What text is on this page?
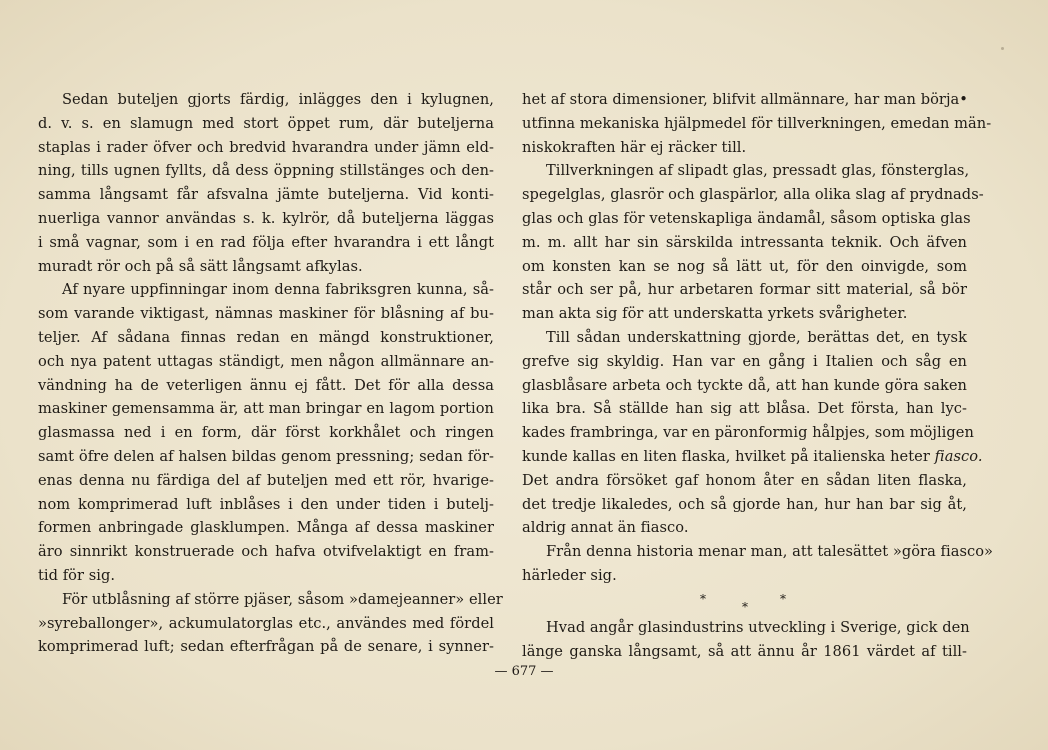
Sedan buteljen gjorts färdig, inlägges den i kylugnen,
d. v. s. en slamugn med stort öppet rum, där buteljerna
staplas i rader öfver och bredvid hvarandra under jämn eld-
ning, tills ugnen fyllts, då dess öppning stillstänges och den-
samma långsamt får afsvalna jämte buteljerna. Vid konti-
nuerliga vannor användas s. k. kylrör, då buteljerna läggas
i små vagnar, som i en rad följa efter hvarandra i ett långt
muradt rör och på så sätt långsamt afkylas.
Af nyare uppfinningar inom denna fabriksgren kunna, så-
som varande viktigast, nämnas maskiner för blåsning af bu-
teljer. Af sådana finnas redan en mängd konstruktioner,
och nya patent uttagas ständigt, men någon allmännare an-
vändning ha de veterligen ännu ej fått. Det för alla dessa
maskiner gemensamma är, att man bringar en lagom portion
glasmassa ned i en form, där först korkhålet och ringen
samt öfre delen af halsen bildas genom pressning; sedan för-
enas denna nu färdiga del af buteljen med ett rör, hvarige-
nom komprimerad luft inblåses i den under tiden i butelj-
formen anbringade glasklumpen. Många af dessa maskiner
äro sinnrikt konstruerade och hafva otvifvelaktigt en fram-
tid för sig.
För utblåsning af större pjäser, såsom »damejeanner» eller
»syreballonger», ackumulatorglas etc., användes med fördel
komprimerad luft; sedan efterfrågan på de senare, i synner-
het af stora dimensioner, blifvit allmännare, har man börja•
utfinna mekaniska hjälpmedel för tillverkningen, emedan män-
niskokraften här ej räcker till.
Tillverkningen af slipadt glas, pressadt glas, fönsterglas,
spegelglas, glasrör och glaspärlor, alla olika slag af prydnads-
glas och glas för vetenskapliga ändamål, såsom optiska glas
m. m. allt har sin särskilda intressanta teknik. Och äfven
om konsten kan se nog så lätt ut, för den oinvigde, som
står och ser på, hur arbetaren formar sitt material, så bör
man akta sig för att underskatta yrkets svårigheter.
Till sådan underskattning gjorde, berättas det, en tysk
grefve sig skyldig. Han var en gång i Italien och såg en
glasblåsare arbeta och tyckte då, att han kunde göra saken
lika bra. Så ställde han sig att blåsa. Det första, han lyc-
kades frambringa, var en päronformig hålpjes, som möjligen
kunde kallas en liten flaska, hvilket på italienska heter fiasco.
Det andra försöket gaf honom åter en sådan liten flaska,
det tredje likaledes, och så gjorde han, hur han bar sig åt,
aldrig annat än fiasco.
Från denna historia menar man, att talesättet »göra fiasco»
härleder sig.
*
*
*
Hvad angår glasindustrins utveckling i Sverige, gick den
länge ganska långsamt, så att ännu år 1861 värdet af till-
— 677 —
